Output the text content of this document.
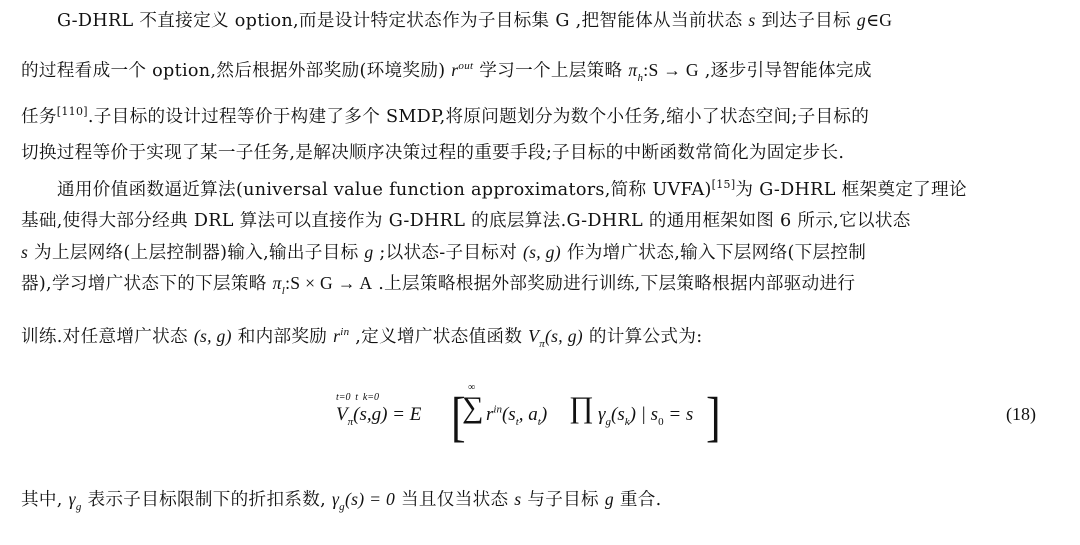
G-DHRL 不直接定义 option,而是设计特定状态作为子目标集 G ,把智能体从当前状态 s 到达子目标 g∈G
的过程看成一个 option,然后根据外部奖励(环境奖励) $r^{out}$ 学习一个上层策略 $\pi_h:S \to G$ ,逐步引导智能体完成
任务[110].子目标的设计过程等价于构建了多个 SMDP,将原问题划分为数个小任务,缩小了状态空间;子目标的
切换过程等价于实现了某一子任务,是解决顺序决策过程的重要手段;子目标的中断函数常简化为固定步长.
通用价值函数逼近算法(universal value function approximators,简称 UVFA)[15]为 G-DHRL 框架奠定了理论
基础,使得大部分经典 DRL 算法可以直接作为 G-DHRL 的底层算法.G-DHRL 的通用框架如图 6 所示,它以状态
s 为上层网络(上层控制器)输入,输出子目标 g ;以状态-子目标对 (s, g) 作为增广状态,输入下层网络(下层控制
器),学习增广状态下的下层策略 $\pi_l:S \times G \to A$ .上层策略根据外部奖励进行训练,下层策略根据内部驱动进行
训练.对任意增广状态 (s, g) 和内部奖励 $r^{in}$ ,定义增广状态值函数 $V_\pi(s$, g) 的计算公式为:
$V_\pi(s,g) = E$ [ ∞
∑
t=0
$r^{in}(s_t$, $a_t$)
t	∏
k=0
$\gamma_g(s_k)$ | $s_0 = s$ ]	(18)
其中, $\gamma_g$ 表示子目标限制下的折扣系数, $\gamma_g(s) = 0$ 当且仅当状态 s 与子目标 g 重合.
